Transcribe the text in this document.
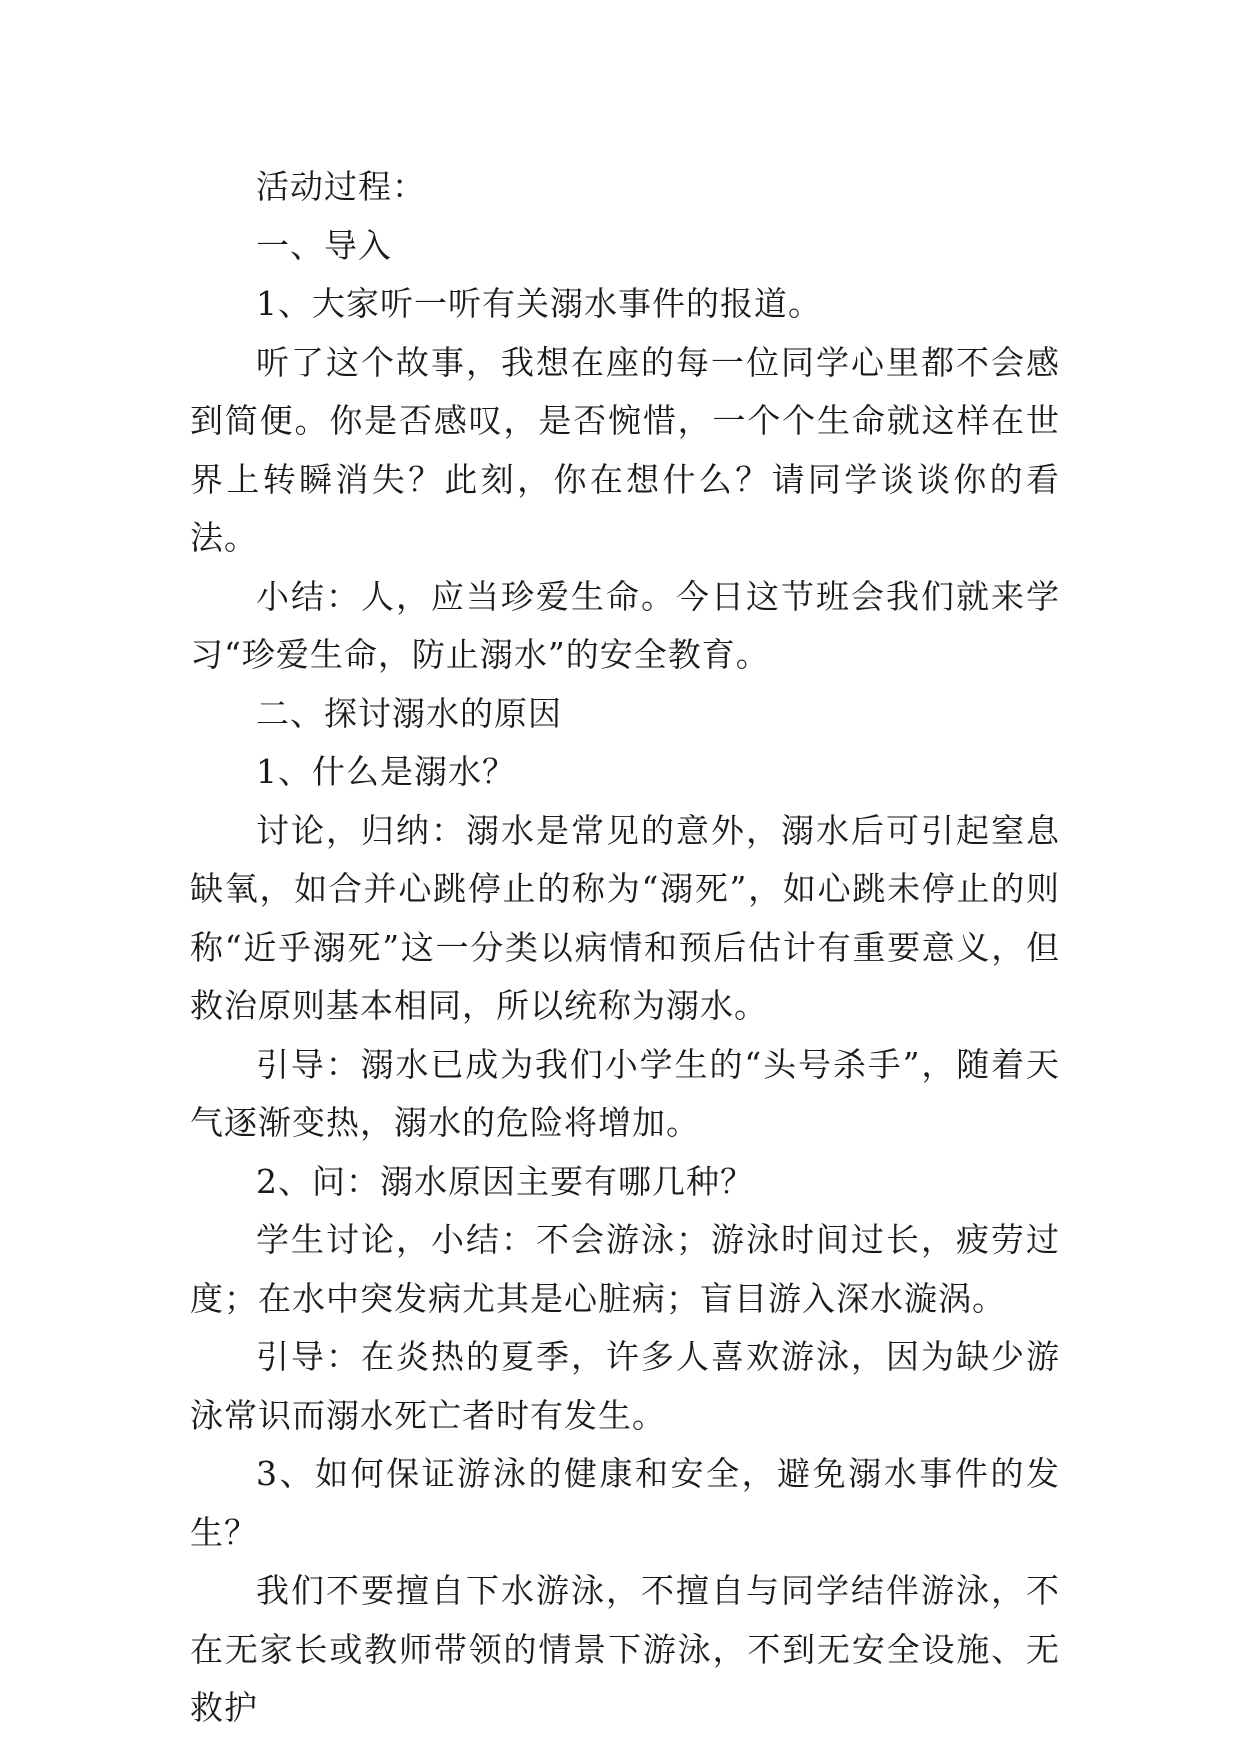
活动过程：

一、导入

1、大家听一听有关溺水事件的报道。

听了这个故事，我想在座的每一位同学心里都不会感到简便。你是否感叹，是否惋惜，一个个生命就这样在世界上转瞬消失？此刻，你在想什么？请同学谈谈你的看法。

小结：人，应当珍爱生命。今日这节班会我们就来学习“珍爱生命，防止溺水”的安全教育。

二、探讨溺水的原因

1、什么是溺水？

讨论，归纳：溺水是常见的意外，溺水后可引起窒息缺氧，如合并心跳停止的称为“溺死”，如心跳未停止的则称“近乎溺死”这一分类以病情和预后估计有重要意义，但救治原则基本相同，所以统称为溺水。

引导：溺水已成为我们小学生的“头号杀手”，随着天气逐渐变热，溺水的危险将增加。

2、问：溺水原因主要有哪几种？

学生讨论，小结：不会游泳；游泳时间过长，疲劳过度；在水中突发病尤其是心脏病；盲目游入深水漩涡。

引导：在炎热的夏季，许多人喜欢游泳，因为缺少游泳常识而溺水死亡者时有发生。

3、如何保证游泳的健康和安全，避免溺水事件的发生？

我们不要擅自下水游泳，不擅自与同学结伴游泳，不在无家长或教师带领的情景下游泳，不到无安全设施、无救护
